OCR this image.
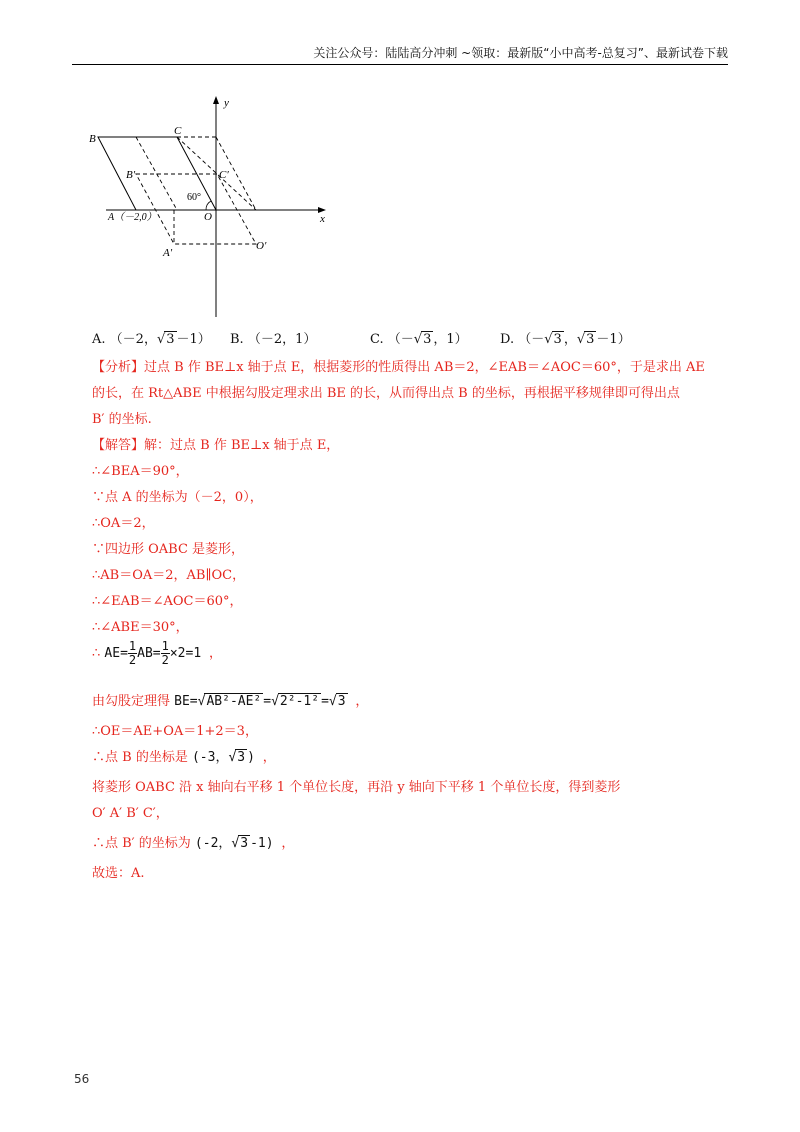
关注公众号：陆陆高分冲刺 ~领取：最新版“小中高考-总复习”、最新试卷下载
y
x
B
C
B′	C′
60°
O
A（－2,0）
A′
O′
A. （－2，√3 －1） B. （－2，1）	C. （－√3 ，1） D. （－√3 ，√3 －1）
【分析】过点 B 作 BE⊥x 轴于点 E，根据菱形的性质得出 AB＝2，∠EAB＝∠AOC＝60°，于是求出 AE
的长，在 Rt△ABE 中根据勾股定理求出 BE 的长，从而得出点 B 的坐标，再根据平移规律即可得出点
B′ 的坐标.
【解答】解：过点 B 作 BE⊥x 轴于点 E，
∴∠BEA＝90°，
∵点 A 的坐标为（－2，0），
∴OA＝2，
∵四边形 OABC 是菱形，
∴AB＝OA＝2，AB∥OC，
∴∠EAB＝∠AOC＝60°，
∴∠ABE＝30°，
∴ $AE= \frac{1}{2} AB= \frac{1}{2} \times 2=1$ ，
由勾股定理得 BE=√AB²-AE² =√2²-1² =√3 ，
∴OE＝AE+OA＝1+2＝3，
∴点 B 的坐标是 (-3，√3 ) ，
将菱形 OABC 沿 x 轴向右平移 1 个单位长度，再沿 y 轴向下平移 1 个单位长度，得到菱形
O′ A′ B′ C′，
∴点 B′ 的坐标为 (-2，√3 -1) ，
故选：A.
56
